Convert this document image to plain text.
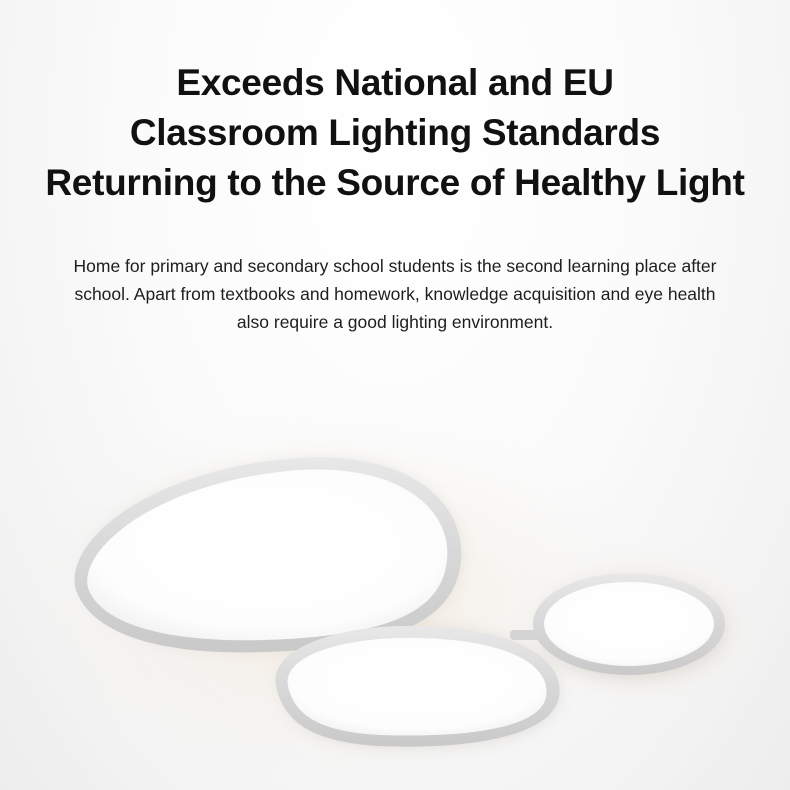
Exceeds National and EU
Classroom Lighting Standards
Returning to the Source of Healthy Light

Home for primary and secondary school students is the second learning place after school. Apart from textbooks and homework, knowledge acquisition and eye health also require a good lighting environment.
